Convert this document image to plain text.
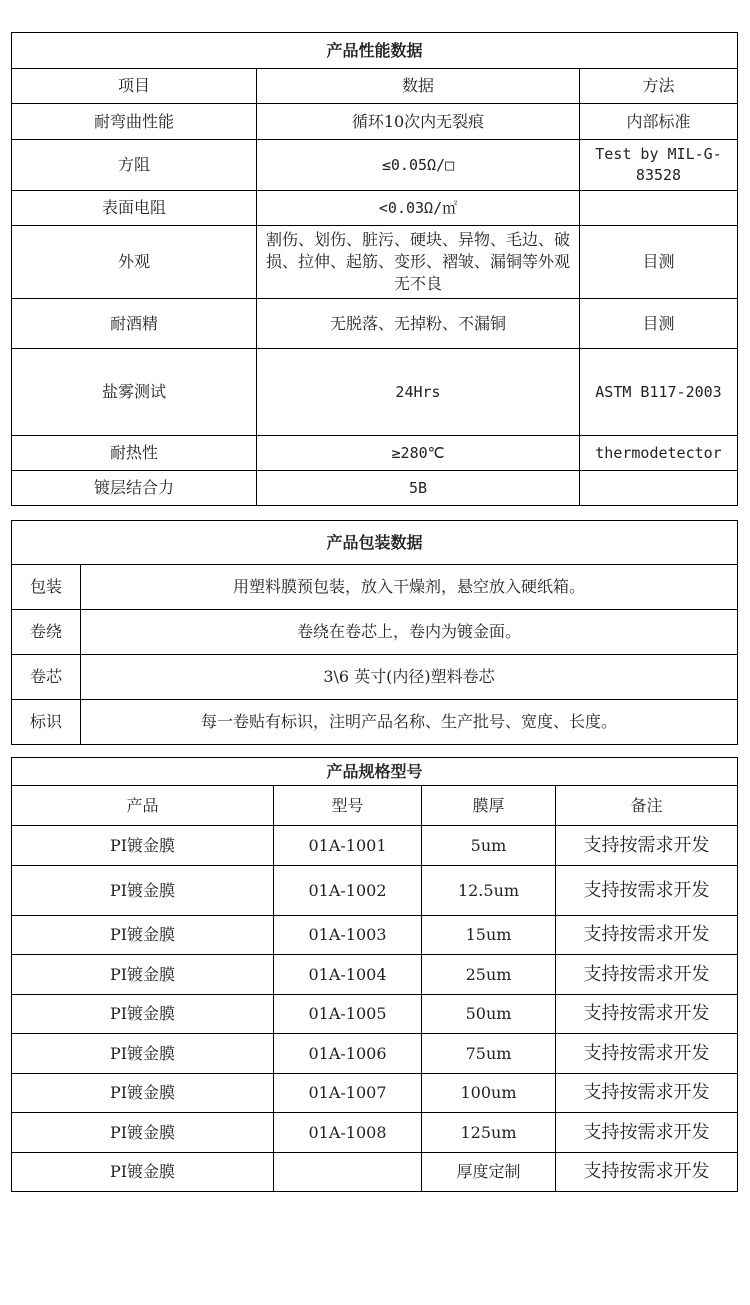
产品性能数据		
项目	数据	方法
耐弯曲性能	循环10次内无裂痕	内部标准
方阻	≤0.05Ω/□	Test by MIL-G-83528
表面电阻	<0.03Ω/㎡	
外观	割伤、划伤、脏污、硬块、异物、毛边、破损、拉伸、起筋、变形、褶皱、漏铜等外观无不良	目测
耐酒精	无脱落、无掉粉、不漏铜	目测
盐雾测试	24Hrs	ASTM B117-2003
耐热性	≥280℃	thermodetector
镀层结合力	5B	
产品包装数据	
包装	用塑料膜预包装，放入干燥剂，悬空放入硬纸箱。
卷绕	卷绕在卷芯上，卷内为镀金面。
卷芯	3\6 英寸(内径)塑料卷芯
标识	每一卷贴有标识，注明产品名称、生产批号、宽度、长度。
产品规格型号			
产品	型号	膜厚	备注
PI镀金膜	01A-1001	5um	支持按需求开发
PI镀金膜	01A-1002	12.5um	支持按需求开发
PI镀金膜	01A-1003	15um	支持按需求开发
PI镀金膜	01A-1004	25um	支持按需求开发
PI镀金膜	01A-1005	50um	支持按需求开发
PI镀金膜	01A-1006	75um	支持按需求开发
PI镀金膜	01A-1007	100um	支持按需求开发
PI镀金膜	01A-1008	125um	支持按需求开发
PI镀金膜		厚度定制	支持按需求开发
